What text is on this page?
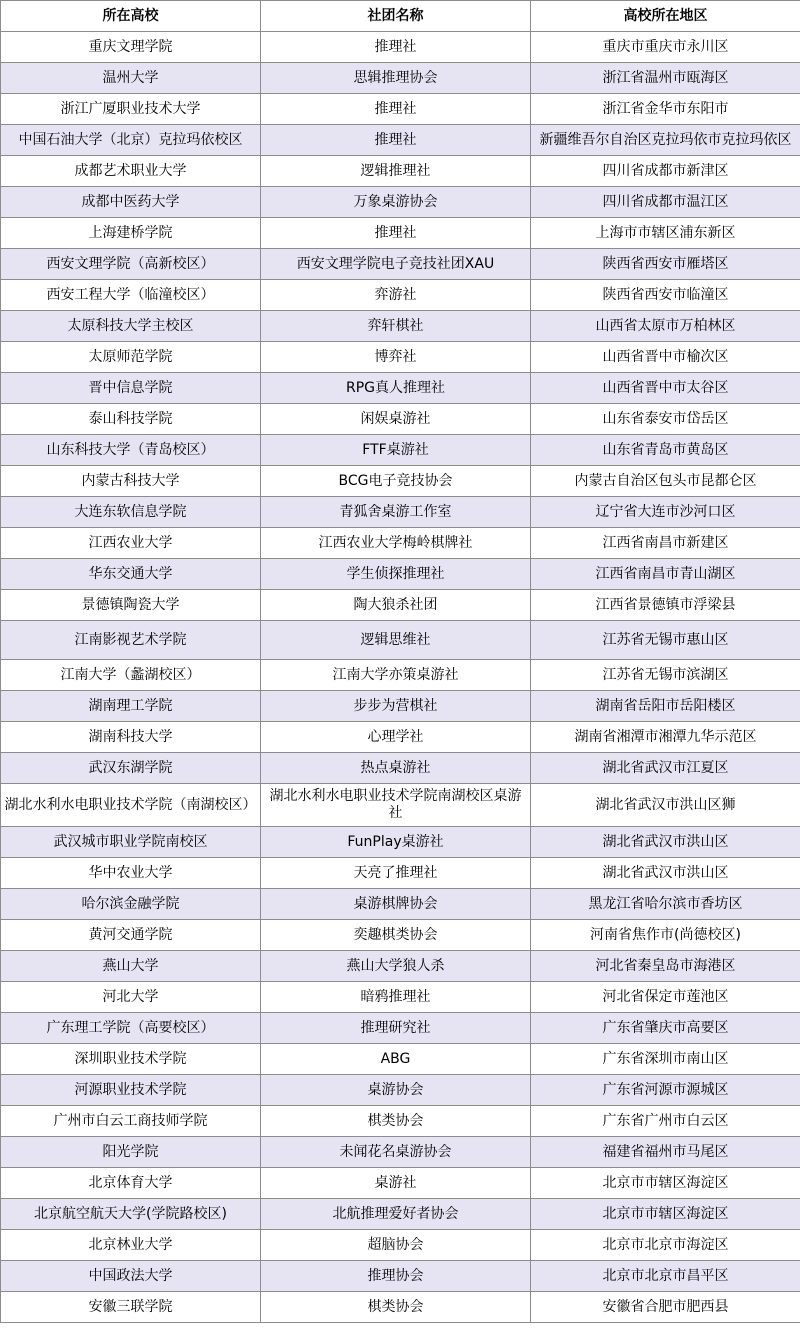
所在高校	社团名称	高校所在地区
重庆文理学院	推理社	重庆市重庆市永川区
温州大学	思辑推理协会	浙江省温州市瓯海区
浙江广厦职业技术大学	推理社	浙江省金华市东阳市
中国石油大学（北京）克拉玛依校区	推理社	新疆维吾尔自治区克拉玛依市克拉玛依区
成都艺术职业大学	逻辑推理社	四川省成都市新津区
成都中医药大学	万象桌游协会	四川省成都市温江区
上海建桥学院	推理社	上海市市辖区浦东新区
西安文理学院（高新校区）	西安文理学院电子竞技社团XAU	陕西省西安市雁塔区
西安工程大学（临潼校区）	弈游社	陕西省西安市临潼区
太原科技大学主校区	弈轩棋社	山西省太原市万柏林区
太原师范学院	博弈社	山西省晋中市榆次区
晋中信息学院	RPG真人推理社	山西省晋中市太谷区
泰山科技学院	闲娱桌游社	山东省泰安市岱岳区
山东科技大学（青岛校区）	FTF桌游社	山东省青岛市黄岛区
内蒙古科技大学	BCG电子竞技协会	内蒙古自治区包头市昆都仑区
大连东软信息学院	青狐舍桌游工作室	辽宁省大连市沙河口区
江西农业大学	江西农业大学梅岭棋牌社	江西省南昌市新建区
华东交通大学	学生侦探推理社	江西省南昌市青山湖区
景德镇陶瓷大学	陶大狼杀社团	江西省景德镇市浮梁县
江南影视艺术学院	逻辑思维社	江苏省无锡市惠山区
江南大学（蠡湖校区）	江南大学亦策桌游社	江苏省无锡市滨湖区
湖南理工学院	步步为营棋社	湖南省岳阳市岳阳楼区
湖南科技大学	心理学社	湖南省湘潭市湘潭九华示范区
武汉东湖学院	热点桌游社	湖北省武汉市江夏区
湖北水利水电职业技术学院（南湖校区）	湖北水利水电职业技术学院南湖校区桌游社	湖北省武汉市洪山区狮
武汉城市职业学院南校区	FunPlay桌游社	湖北省武汉市洪山区
华中农业大学	天亮了推理社	湖北省武汉市洪山区
哈尔滨金融学院	桌游棋牌协会	黑龙江省哈尔滨市香坊区
黄河交通学院	奕趣棋类协会	河南省焦作市(尚德校区)
燕山大学	燕山大学狼人杀	河北省秦皇岛市海港区
河北大学	暗鸦推理社	河北省保定市莲池区
广东理工学院（高要校区）	推理研究社	广东省肇庆市高要区
深圳职业技术学院	ABG	广东省深圳市南山区
河源职业技术学院	桌游协会	广东省河源市源城区
广州市白云工商技师学院	棋类协会	广东省广州市白云区
阳光学院	未闻花名桌游协会	福建省福州市马尾区
北京体育大学	桌游社	北京市市辖区海淀区
北京航空航天大学(学院路校区)	北航推理爱好者协会	北京市市辖区海淀区
北京林业大学	超脑协会	北京市北京市海淀区
中国政法大学	推理协会	北京市北京市昌平区
安徽三联学院	棋类协会	安徽省合肥市肥西县
